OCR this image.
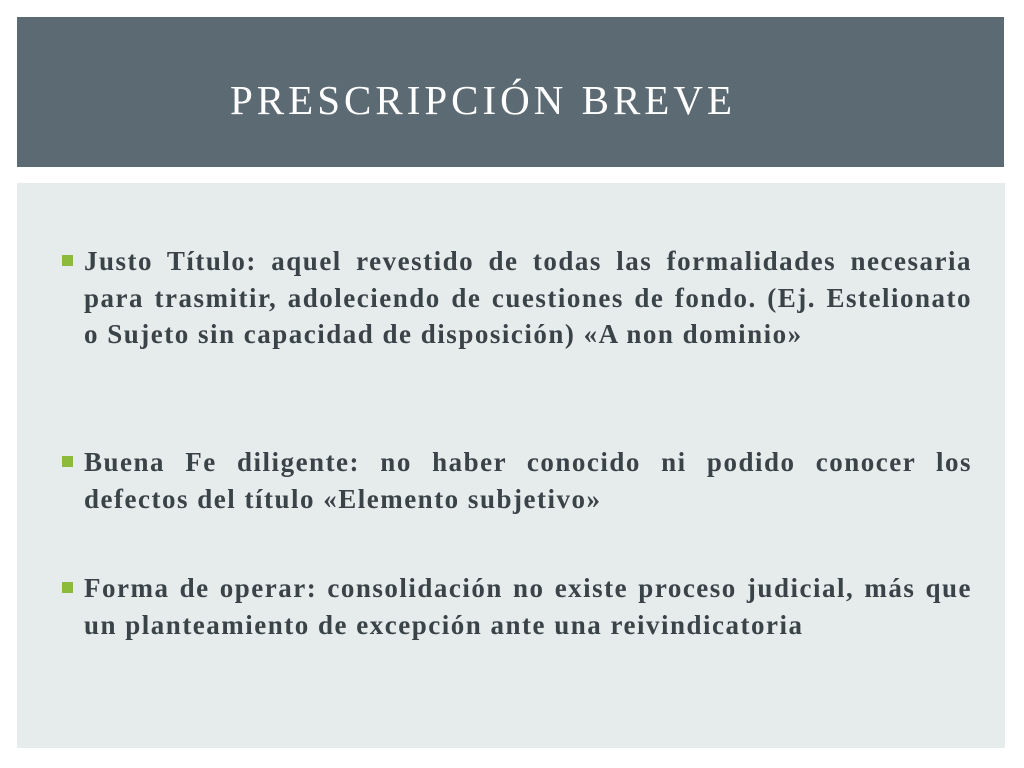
PRESCRIPCIÓN BREVE
Justo Título: aquel revestido de todas las formalidades necesaria para trasmitir, adoleciendo de cuestiones de fondo. (Ej. Estelionato o Sujeto sin capacidad de disposición) «A non dominio»
Buena Fe diligente: no haber conocido ni podido conocer los defectos del título «Elemento subjetivo»
Forma de operar: consolidación no existe proceso judicial, más que un planteamiento de excepción ante una reivindicatoria
